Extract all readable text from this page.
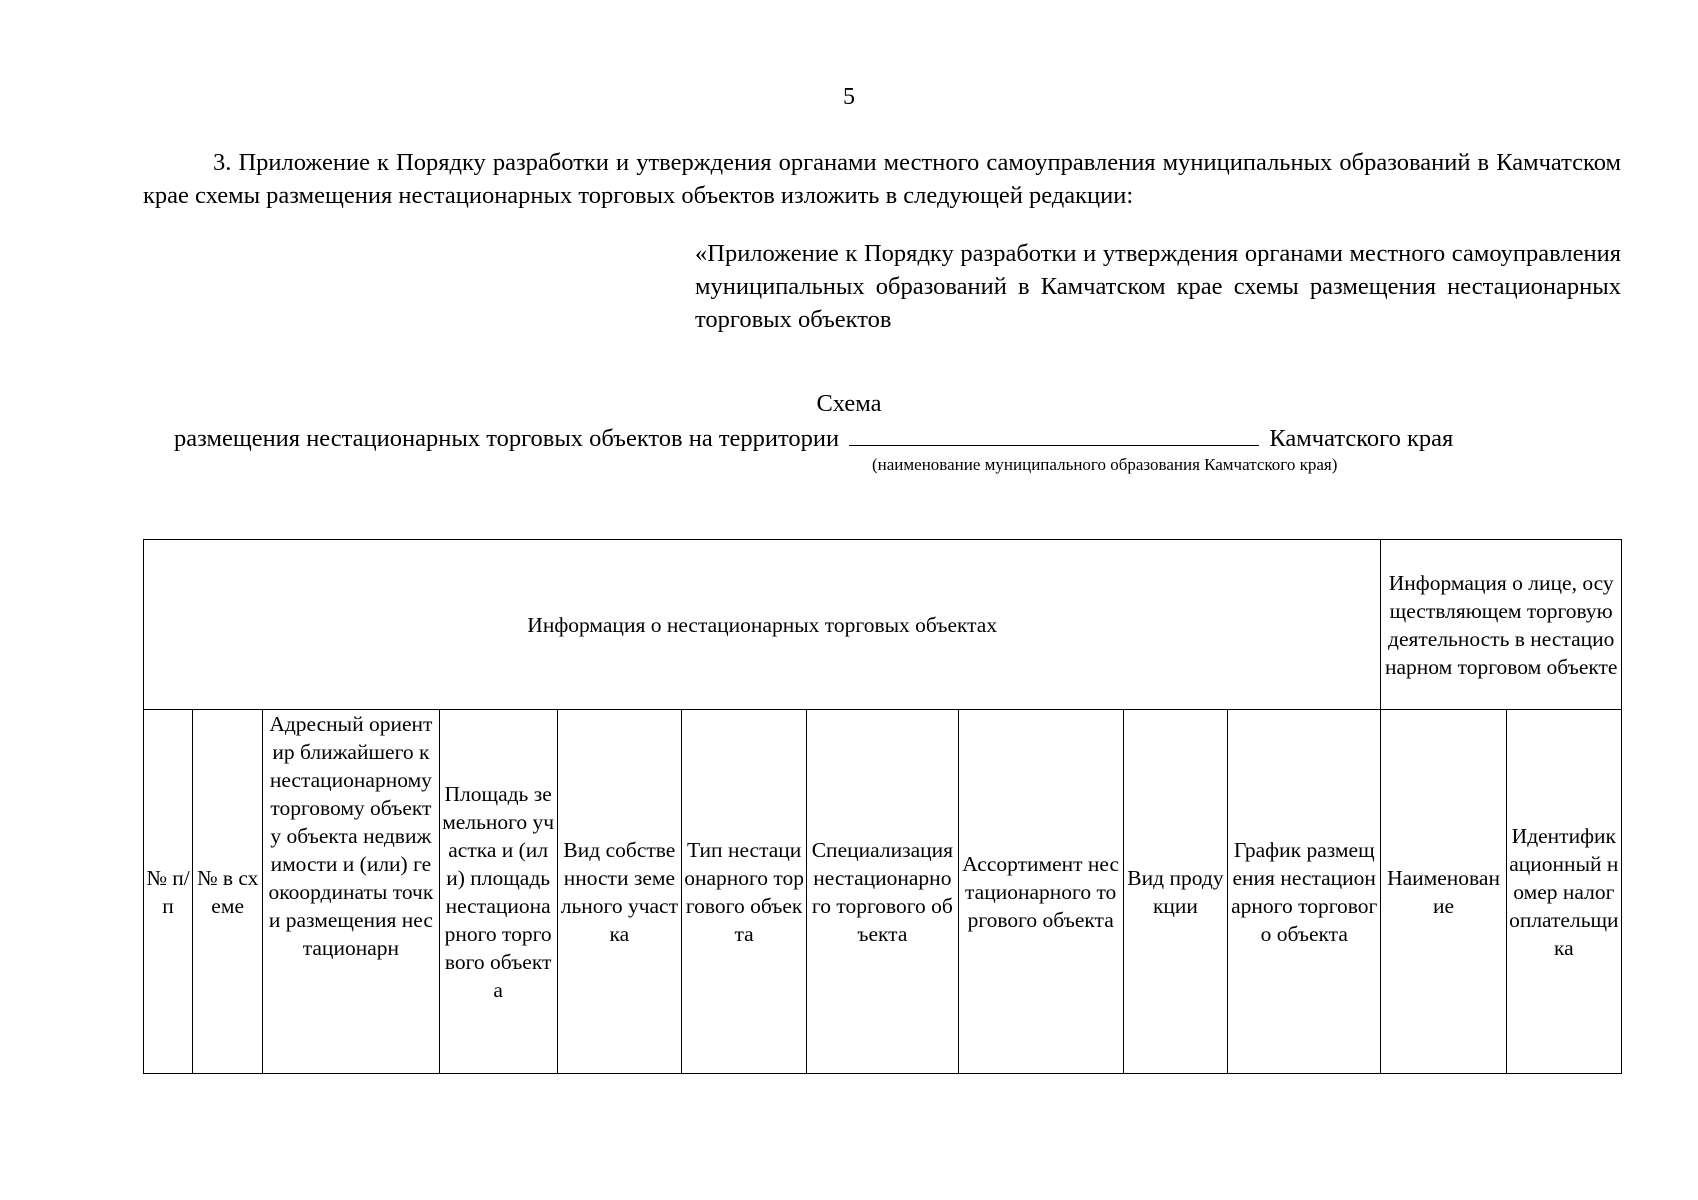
5

3. Приложение к Порядку разработки и утверждения органами местного самоуправления муниципальных образований в Камчатском крае схемы размещения нестационарных торговых объектов изложить в следующей редакции:

«Приложение к Порядку разработки и утверждения органами местного самоуправления муниципальных образований в Камчатском крае схемы размещения нестационарных торговых объектов

Схема
размещения нестационарных торговых объектов на территории	Камчатского края
(наименование муниципального образования Камчатского края)
Информация о нестационарных торговых объектах										Информация о лице, осуществляющем торговую деятельность в нестационарном торговом объекте	

№ п/п	№ в схеме	Адресный ориентир ближайшего к нестационарному торговому объекту объекта недвижимости и (или) геокоординаты точки размещения нестационарн	Площадь земельного участка и (или) площадь нестационарного торгового объекта	Вид собственности земельного участка	Тип нестационарного торгового объекта	Специализация нестационарного торгового объекта	Ассортимент нестационарного торгового объекта	Вид продукции	График размещения нестационарного торгового объекта	Наименование	Идентификационный номер налогоплательщика
